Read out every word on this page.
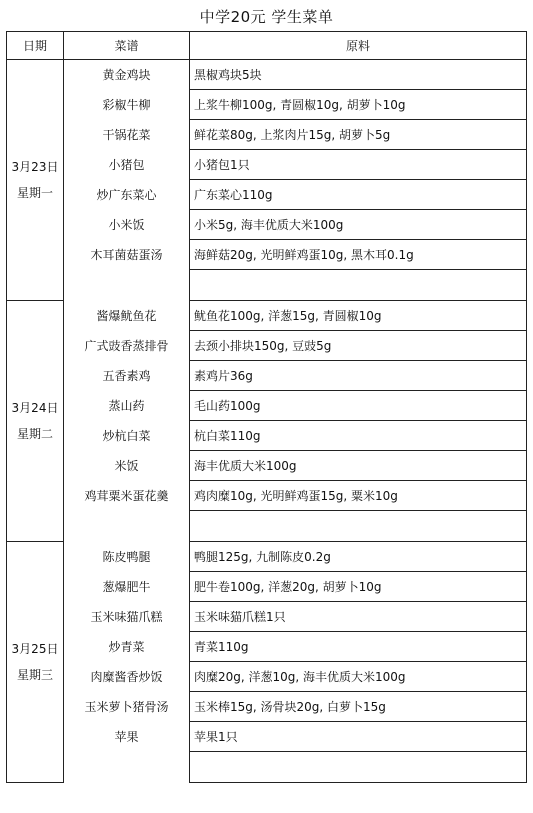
中学20元 学生菜单
日期	菜谱	原料

3月23日
星期一	黄金鸡块	黑椒鸡块5块
	彩椒牛柳	上浆牛柳100g, 青圆椒10g, 胡萝卜10g
	干锅花菜	鲜花菜80g, 上浆肉片15g, 胡萝卜5g
	小猪包	小猪包1只
	炒广东菜心	广东菜心110g
	小米饭	小米5g, 海丰优质大米100g
	木耳菌菇蛋汤	海鲜菇20g, 光明鲜鸡蛋10g, 黑木耳0.1g

3月24日
星期二	酱爆鱿鱼花	鱿鱼花100g, 洋葱15g, 青圆椒10g
	广式豉香蒸排骨	去颈小排块150g, 豆豉5g
	五香素鸡	素鸡片36g
	蒸山药	毛山药100g
	炒杭白菜	杭白菜110g
	米饭	海丰优质大米100g
	鸡茸粟米蛋花羹	鸡肉糜10g, 光明鲜鸡蛋15g, 粟米10g

3月25日
星期三	陈皮鸭腿	鸭腿125g, 九制陈皮0.2g
	葱爆肥牛	肥牛卷100g, 洋葱20g, 胡萝卜10g
	玉米味猫爪糕	玉米味猫爪糕1只
	炒青菜	青菜110g
	肉糜酱香炒饭	肉糜20g, 洋葱10g, 海丰优质大米100g
	玉米萝卜猪骨汤	玉米棒15g, 汤骨块20g, 白萝卜15g
	苹果	苹果1只
